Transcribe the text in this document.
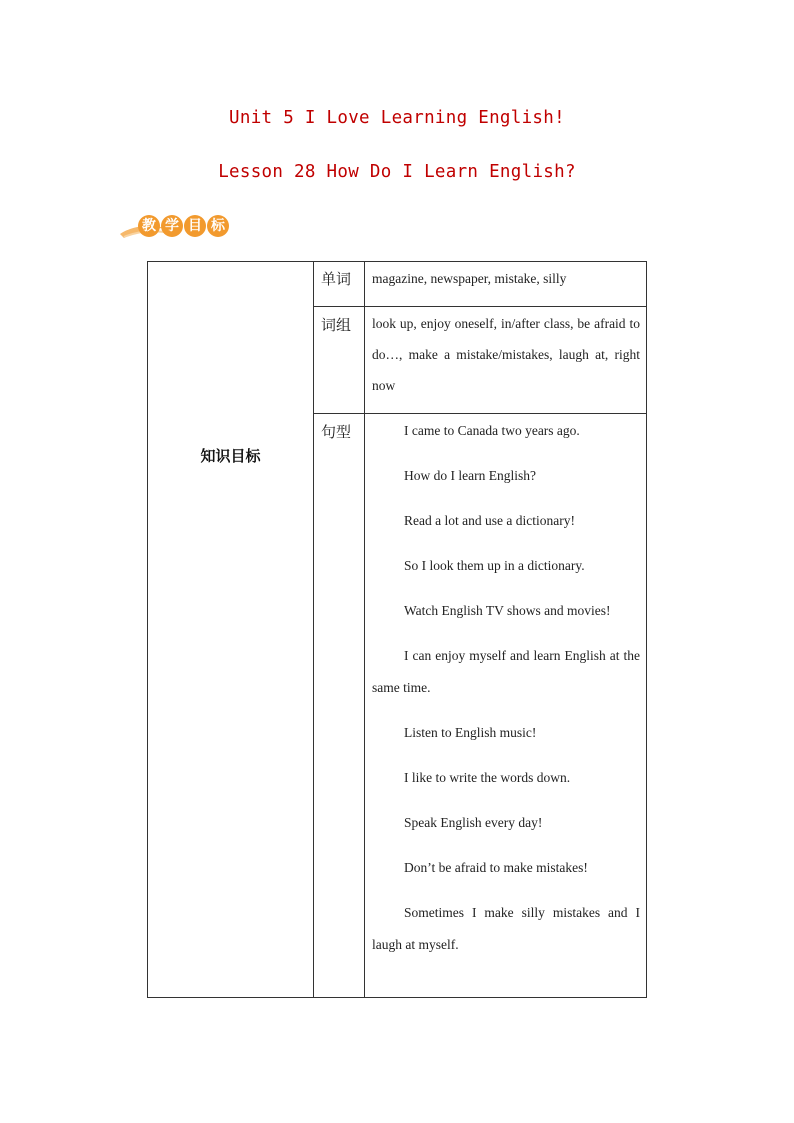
Unit 5 I Love Learning English!
Lesson 28 How Do I Learn English?
教 学 目 标
知识目标
单词
词组
句型
magazine, newspaper, mistake, silly
look up, enjoy oneself, in/after class, be afraid to do…, make a mistake/mistakes, laugh at, right now

I came to Canada two years ago.

How do I learn English?

Read a lot and use a dictionary!

So I look them up in a dictionary.

Watch English TV shows and movies!

I can enjoy myself and learn English at the same time.

Listen to English music!

I like to write the words down.

Speak English every day!

Don’t be afraid to make mistakes!

Sometimes I make silly mistakes and I laugh at myself.
